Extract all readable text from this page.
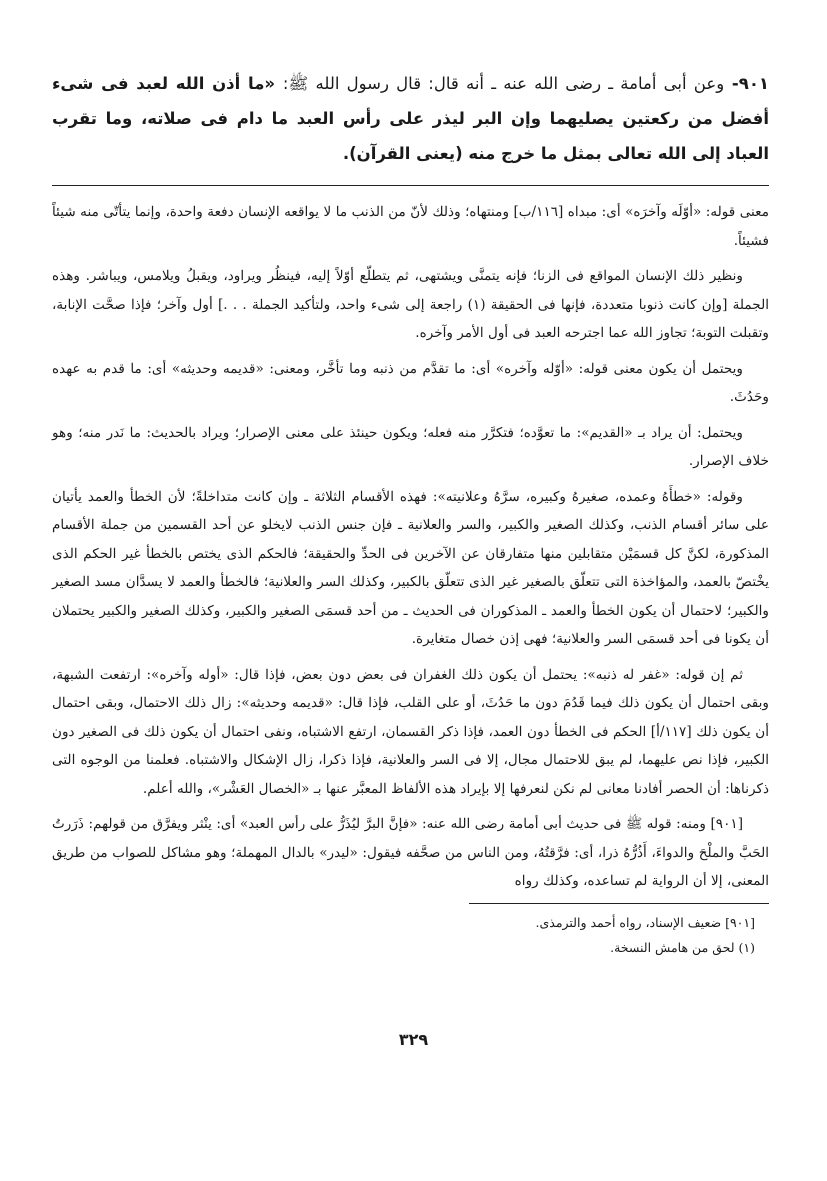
٩٠١- وعن أبى أمامة ـ رضى الله عنه ـ أنه قال: قال رسول الله ﷺ: «ما أذن الله لعبد فى شىء أفضل من ركعتين يصليهما وإن البر ليذر على رأس العبد ما دام فى صلاته، وما تقرب العباد إلى الله تعالى بمثل ما خرج منه (يعنى القرآن).

معنى قوله: «أوّلَه وآخرَه» أى: مبداه [١١٦/ب] ومنتهاه؛ وذلك لأنّ من الذنب ما لا يواقعه الإنسان دفعة واحدة، وإنما يتأتّى منه شيئاً فشيئاً.

ونظير ذلك الإنسان المواقع فى الزنا؛ فإنه يتمنَّى ويشتهى، ثم يتطلّع أوّلاً إليه، فينظُر ويراود، ويقبلُ ويلامس، ويباشر. وهذه الجملة [وإن كانت ذنوبا متعددة، فإنها فى الحقيقة (١) راجعة إلى شىء واحد، ولتأكيد الجملة . . .] أول وآخر؛ فإذا صحَّت الإنابة، وتقبلت التوبة؛ تجاوز الله عما اجترحه العبد فى أول الأمر وآخره.

ويحتمل أن يكون معنى قوله: «أوّله وآخره» أى: ما تقدَّم من ذنبه وما تأخَّر، ومعنى: «قديمه وحديثه» أى: ما قدم به عهده وحَدُثَ.

ويحتمل: أن يراد بـ «القديم»: ما تعوَّده؛ فتكرَّر منه فعله؛ ويكون حينئذ على معنى الإصرار؛ ويراد بالحديث: ما نَدر منه؛ وهو خلاف الإصرار.

وقوله: «خطأَهُ وعمده، صغيرهُ وكبيره، سرَّهُ وعلانيته»: فهذه الأقسام الثلاثة ـ وإن كانت متداخلةً؛ لأن الخطأ والعمد يأتيان على سائر أقسام الذنب، وكذلك الصغير والكبير، والسر والعلانية ـ فإن جنس الذنب لايخلو عن أحد القسمين من جملة الأقسام المذكورة، لكنَّ كل قسمَيْن متقابلين منها متفارقان عن الآخرين فى الحدِّ والحقيقة؛ فالحكم الذى يختص بالخطأ غير الحكم الذى يخْتصّ بالعمد، والمؤاخذة التى تتعلّق بالصغير غير الذى تتعلّق بالكبير، وكذلك السر والعلانية؛ فالخطأ والعمد لا يسدَّان مسد الصغير والكبير؛ لاحتمال أن يكون الخطأ والعمد ـ المذكوران فى الحديث ـ من أحد قسمَى الصغير والكبير، وكذلك الصغير والكبير يحتملان أن يكونا فى أحد قسمَى السر والعلانية؛ فهى إذن خصال متغايرة.

ثم إن قوله: «غفر له ذنبه»: يحتمل أن يكون ذلك الغفران فى بعض دون بعض، فإذا قال: «أوله وآخره»: ارتفعت الشبهة، وبقى احتمال أن يكون ذلك فيما قَدُمَ دون ما حَدُثَ، أو على القلب، فإذا قال: «قديمه وحديثه»: زال ذلك الاحتمال، وبقى احتمال أن يكون ذلك [١١٧/أ] الحكم فى الخطأ دون العمد، فإذا ذكر القسمان، ارتفع الاشتباه، ونفى احتمال أن يكون ذلك فى الصغير دون الكبير، فإذا نص عليهما، لم يبق للاحتمال مجال، إلا فى السر والعلانية، فإذا ذكرا، زال الإشكال والاشتباه. فعلمنا من الوجوه التى ذكرناها: أن الحصر أفادنا معانى لم نكن لنعرفها إلا بإيراد هذه الألفاظ المعبَّر عنها بـ «الخصال العَشْر»، والله أعلم.

[٩٠١] ومنه: قوله ﷺ فى حديث أبى أمامة رضى الله عنه: «فإنَّ البرَّ ليُذَرُّ على رأس العبد» أى: ينْثر ويفرَّق من قولهم: ذَرَرتُ الحَبَّ والملْحَ والدواءَ، أَذُرُّهُ ذرا، أى: فرَّقتُهُ، ومن الناس من صحَّفه فيقول: «ليدر» بالدال المهملة؛ وهو مشاكل للصواب من طريق المعنى، إلا أن الرواية لم تساعده، وكذلك رواه

[٩٠١] ضعيف الإسناد، رواه أحمد والترمذى.

(١) لحق من هامش النسخة.

٣٢٩
